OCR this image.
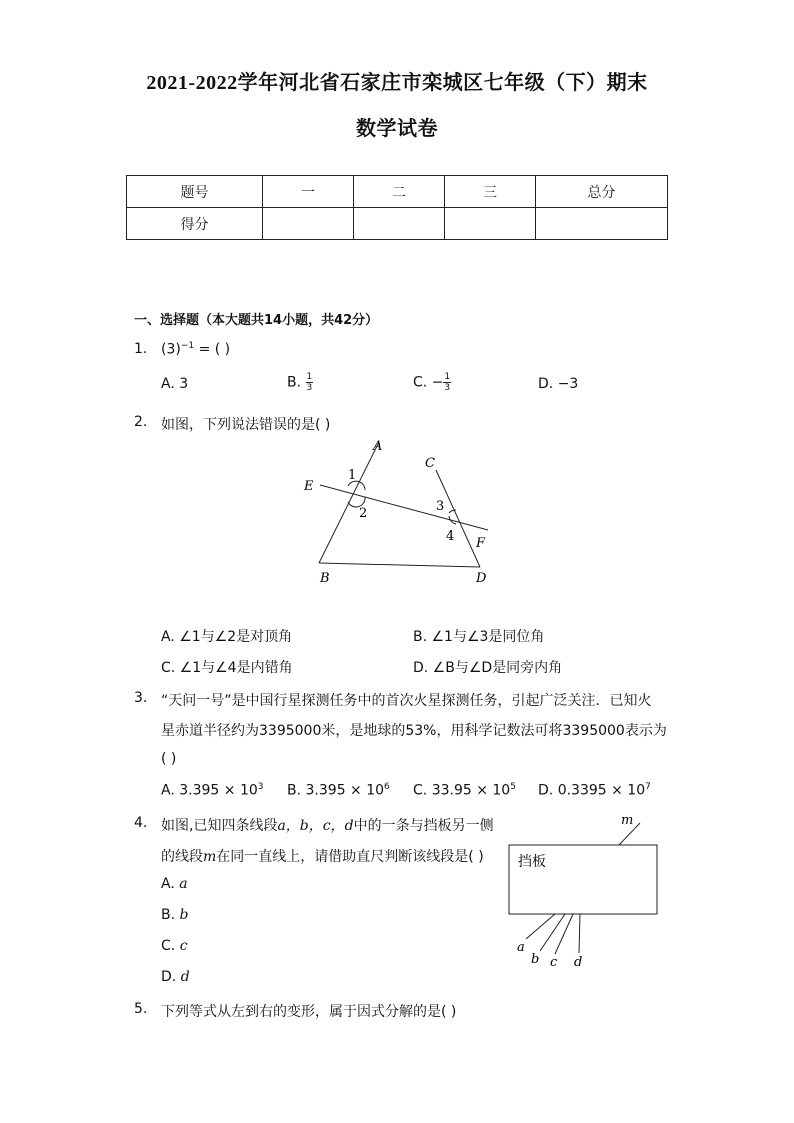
2021-2022学年河北省石家庄市栾城区七年级（下）期末
数学试卷
题号	一	二	三	总分
得分				
一、选择题（本大题共14小题，共42分）
1. $(3)^{-1}$ = ( )
A. 3	B. $\frac{1}{3}$	C. − $\frac{1}{3}$	D. −3
2. 如图，下列说法错误的是( )
A
B
C
D
E
F
1
2	3
4
A. ∠1与∠2是对顶角	B. ∠1与∠3是同位角
C. ∠1与∠4是内错角	D. ∠B与∠D是同旁内角
3. “天问一号”是中国行星探测任务中的首次火星探测任务，引起广泛关注．已知火
星赤道半径约为3395000米，是地球的53%，用科学记数法可将3395000表示为
( )
A. $3.395 \times 10^3$ B. $3.395 \times 10^6$ C. $33.95 \times 10^5$ D. $0.3395 \times 10^7$
4. 如图,已知四条线段a，b，c，d中的一条与挡板另一侧
的线段m在同一直线上，请借助直尺判断该线段是( )
A. a
B. b
C. c
D. d
挡板
m
a
b c d
5. 下列等式从左到右的变形，属于因式分解的是( )
